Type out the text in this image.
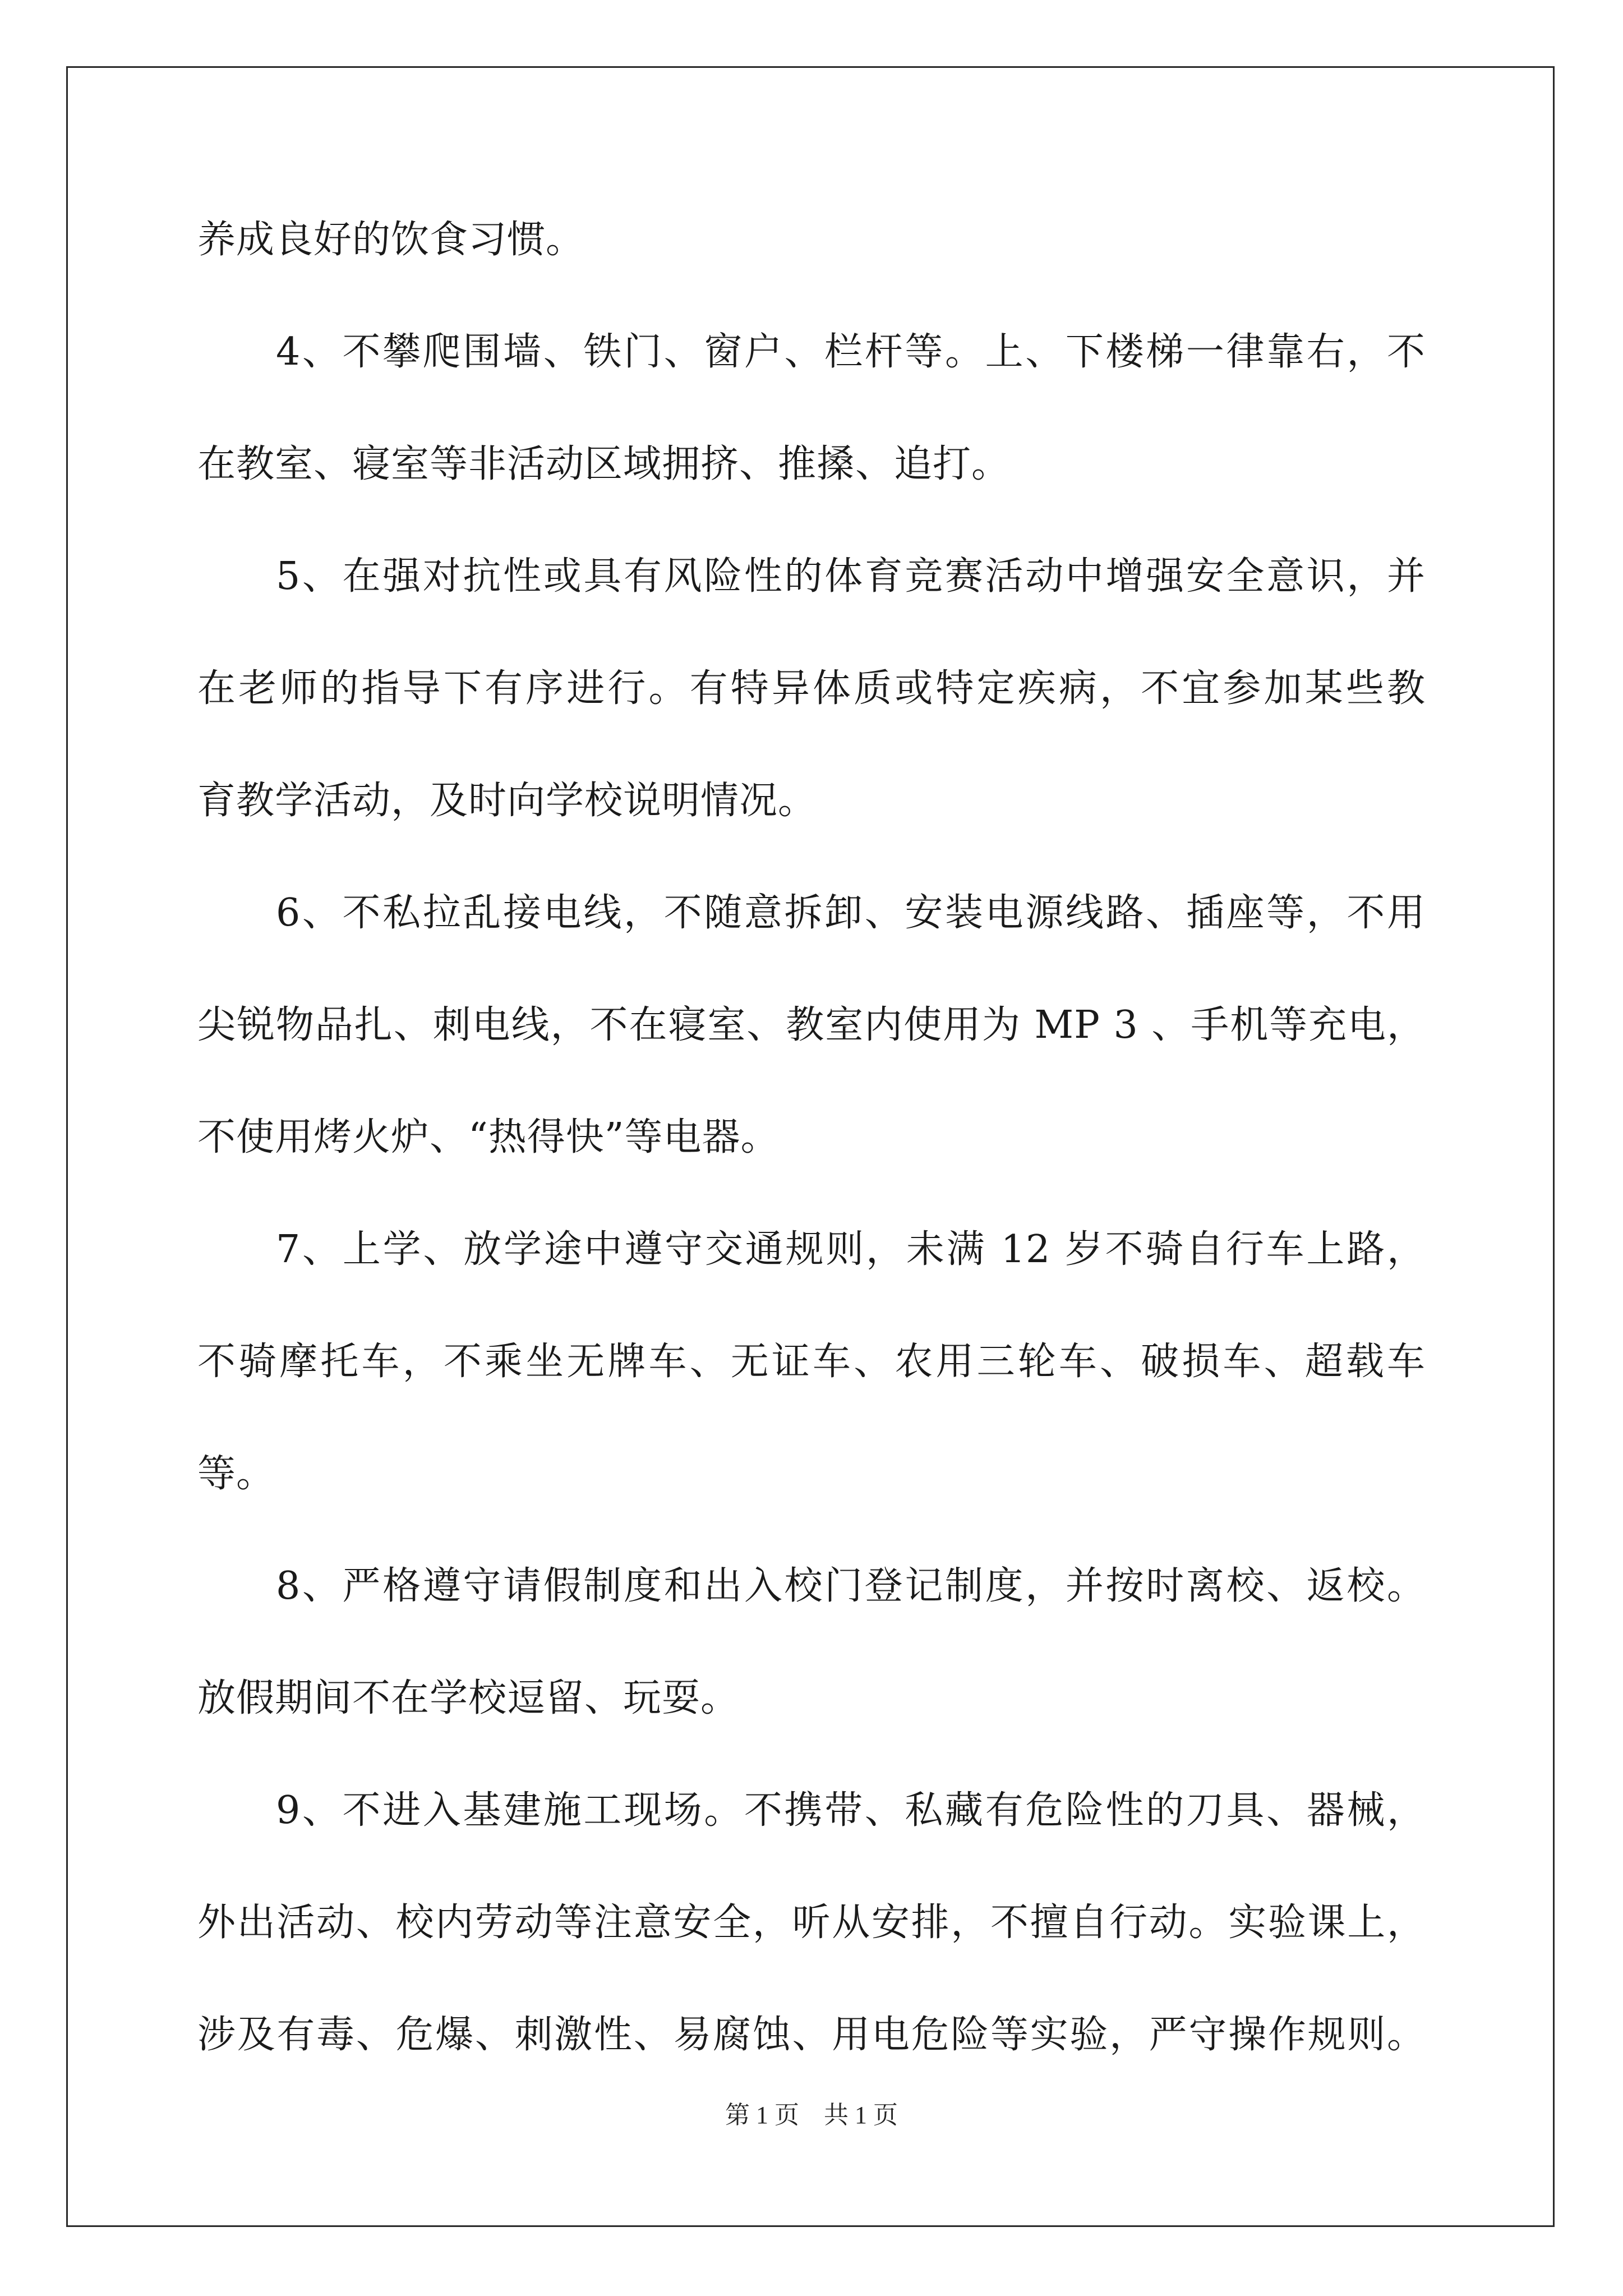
养成良好的饮食习惯。
4、不攀爬围墙、铁门、窗户、栏杆等。上、下楼梯一律靠右，不
在教室、寝室等非活动区域拥挤、推搡、追打。
5、在强对抗性或具有风险性的体育竞赛活动中增强安全意识，并
在老师的指导下有序进行。有特异体质或特定疾病，不宜参加某些教
育教学活动，及时向学校说明情况。
6、不私拉乱接电线，不随意拆卸、安装电源线路、插座等，不用
尖锐物品扎、刺电线，不在寝室、教室内使用为 MP 3 、手机等充电，
不使用烤火炉、“热得快”等电器。
7、上学、放学途中遵守交通规则，未满 12 岁不骑自行车上路，
不骑摩托车，不乘坐无牌车、无证车、农用三轮车、破损车、超载车
等。
8、严格遵守请假制度和出入校门登记制度，并按时离校、返校。
放假期间不在学校逗留、玩耍。
9、不进入基建施工现场。不携带、私藏有危险性的刀具、器械，
外出活动、校内劳动等注意安全，听从安排，不擅自行动。实验课上，
涉及有毒、危爆、刺激性、易腐蚀、用电危险等实验，严守操作规则。
第 1 页　共 1 页
